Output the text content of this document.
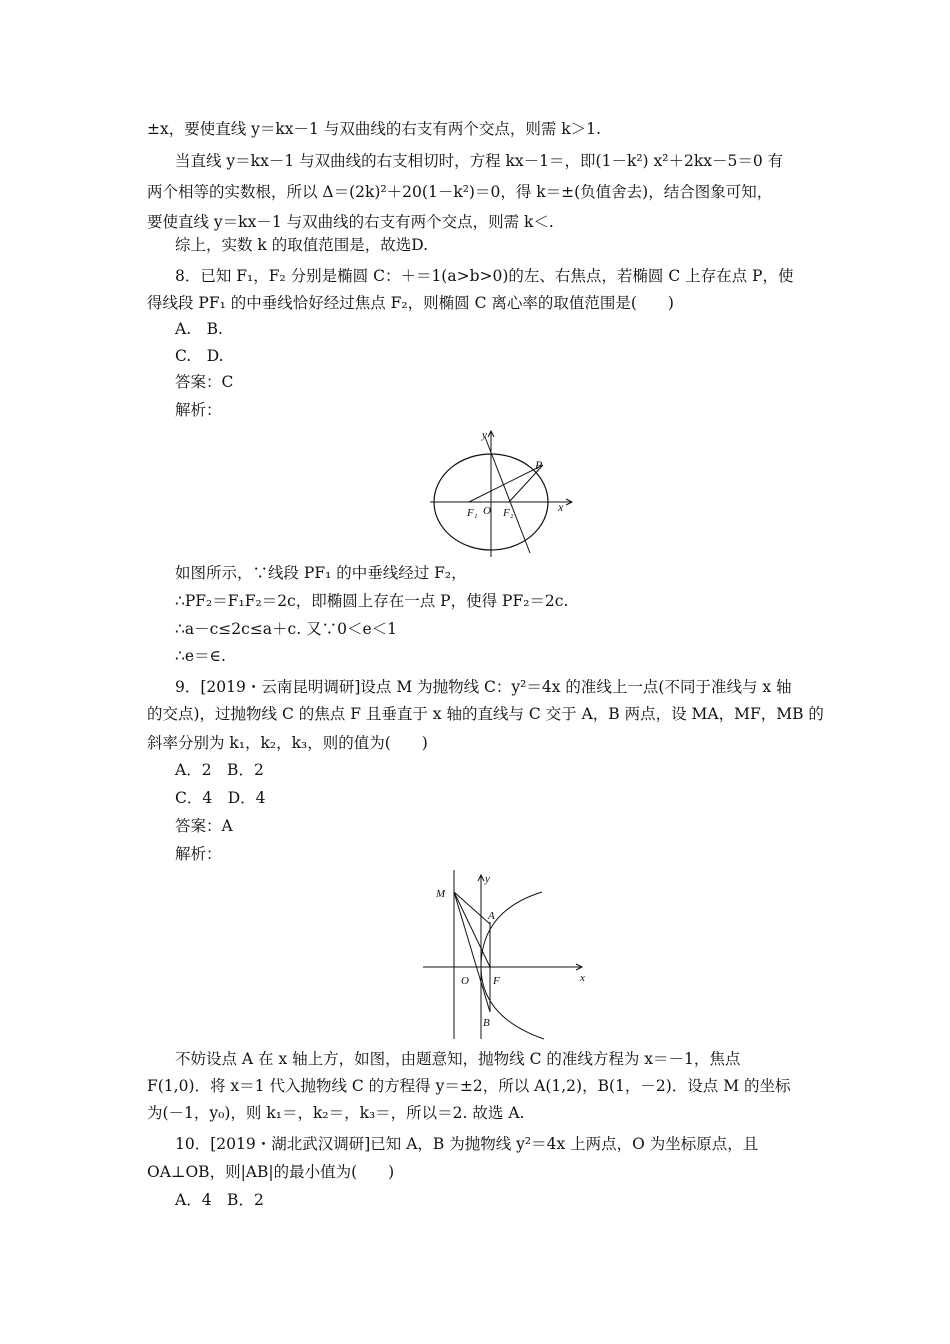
±x，要使直线 y＝kx－1 与双曲线的右支有两个交点，则需 k＞1.
当直线 y＝kx－1 与双曲线的右支相切时，方程 kx－1＝，即(1－k²) x²＋2kx－5＝0 有
两个相等的实数根，所以 Δ＝(2k)²＋20(1－k²)＝0，得 k＝±(负值舍去)，结合图象可知，
要使直线 y＝kx－1 与双曲线的右支有两个交点，则需 k＜.
综上，实数 k 的取值范围是，故选D.
8．已知 F₁，F₂ 分别是椭圆 C：＋＝1(a>b>0)的左、右焦点，若椭圆 C 上存在点 P，使
得线段 PF₁ 的中垂线恰好经过焦点 F₂，则椭圆 C 离心率的取值范围是(　　)
A.　B.
C.　D.
答案：C
解析：
y
x
P
O
F₁ F₂
如图所示，∵线段 PF₁ 的中垂线经过 F₂，
∴PF₂＝F₁F₂＝2c，即椭圆上存在一点 P，使得 PF₂＝2c.
∴a－c≤2c≤a＋c. 又∵0＜e＜1
∴e＝∈.
9．[2019・云南昆明调研]设点 M 为抛物线 C：y²＝4x 的准线上一点(不同于准线与 x 轴
的交点)，过抛物线 C 的焦点 F 且垂直于 x 轴的直线与 C 交于 A，B 两点，设 MA，MF，MB 的
斜率分别为 k₁，k₂，k₃，则的值为(　　)
A．2　B．2
C．4　D．4
答案：A
解析：
y
x
M
A
O F
B
不妨设点 A 在 x 轴上方，如图，由题意知，抛物线 C 的准线方程为 x＝－1，焦点
F(1,0)．将 x＝1 代入抛物线 C 的方程得 y＝±2，所以 A(1,2)，B(1，－2)．设点 M 的坐标
为(－1，y₀)，则 k₁＝，k₂＝，k₃＝，所以＝2. 故选 A.
10．[2019・湖北武汉调研]已知 A，B 为抛物线 y²＝4x 上两点，O 为坐标原点，且
OA⊥OB，则|AB|的最小值为(　　)
A．4　B．2
